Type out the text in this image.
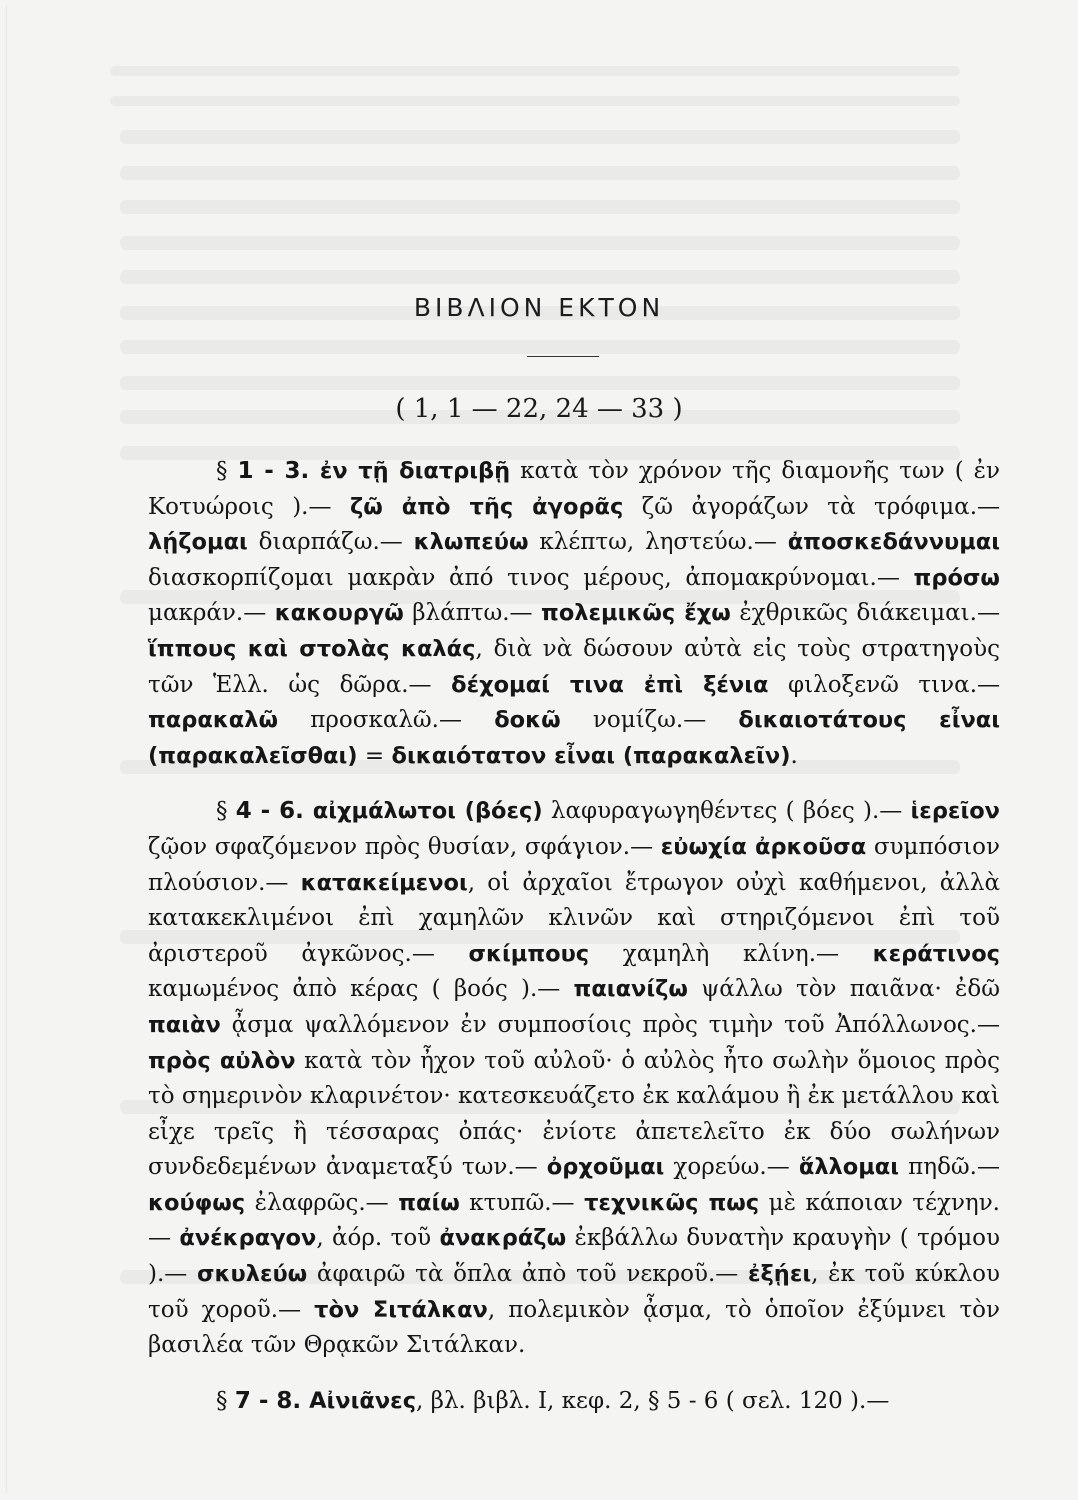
ΒΙΒΛΙΟΝ ΕΚΤΟΝ
( 1, 1 — 22, 24 — 33 )

§ 1 - 3. ἐν τῇ διατριβῇ κατὰ τὸν χρόνον τῆς διαμονῆς των ( ἐν Κοτυώροις ).— ζῶ ἀπὸ τῆς ἀγορᾶς ζῶ ἀγοράζων τὰ τρόφιμα.— λῄζομαι διαρπάζω.— κλωπεύω κλέπτω, ληστεύω.— ἀποσκεδάννυμαι διασκορπίζομαι μακρὰν ἀπό τινος μέρους, ἀπομακρύνομαι.— πρόσω μακράν.— κακουργῶ βλάπτω.— πολεμικῶς ἔχω ἐχθρικῶς διάκειμαι.— ἵππους καὶ στολὰς καλάς, διὰ νὰ δώσουν αὐτὰ εἰς τοὺς στρατηγοὺς τῶν Ἑλλ. ὡς δῶρα.— δέχομαί τινα ἐπὶ ξένια φιλοξενῶ τινα.— παρακαλῶ προσκαλῶ.— δοκῶ νομίζω.— δικαιοτάτους εἶναι (παρακαλεῖσθαι) = δικαιότατον εἶναι (παρακαλεῖν).

§ 4 - 6. αἰχμάλωτοι (βόες) λαφυραγωγηθέντες ( βόες ).— ἱερεῖον ζῷον σφαζόμενον πρὸς θυσίαν, σφάγιον.— εὐωχία ἀρκοῦσα συμπόσιον πλούσιον.— κατακείμενοι, οἱ ἀρχαῖοι ἔτρωγον οὐχὶ καθήμενοι, ἀλλὰ κατακεκλιμένοι ἐπὶ χαμηλῶν κλινῶν καὶ στηριζόμενοι ἐπὶ τοῦ ἀριστεροῦ ἀγκῶνος.— σκίμπους χαμηλὴ κλίνη.— κεράτινος καμωμένος ἀπὸ κέρας ( βοός ).— παιανίζω ψάλλω τὸν παιᾶνα· ἐδῶ παιὰν ᾆσμα ψαλλόμενον ἐν συμποσίοις πρὸς τιμὴν τοῦ Ἀπόλλωνος.— πρὸς αὐλὸν κατὰ τὸν ἦχον τοῦ αὐλοῦ· ὁ αὐλὸς ἦτο σωλὴν ὅμοιος πρὸς τὸ σημερινὸν κλαρινέτον· κατεσκευάζετο ἐκ καλάμου ἢ ἐκ μετάλλου καὶ εἶχε τρεῖς ἢ τέσσαρας ὀπάς· ἐνίοτε ἀπετελεῖτο ἐκ δύο σωλήνων συνδεδεμένων ἀναμεταξύ των.— ὀρχοῦμαι χορεύω.— ἅλλομαι πηδῶ.— κούφως ἐλαφρῶς.— παίω κτυπῶ.— τεχνικῶς πως μὲ κάποιαν τέχνην.— ἀνέκραγον, ἀόρ. τοῦ ἀνακράζω ἐκβάλλω δυνατὴν κραυγὴν ( τρόμου ).— σκυλεύω ἀφαιρῶ τὰ ὅπλα ἀπὸ τοῦ νεκροῦ.— ἐξῄει, ἐκ τοῦ κύκλου τοῦ χοροῦ.— τὸν Σιτάλκαν, πολεμικὸν ᾆσμα, τὸ ὁποῖον ἐξύμνει τὸν βασιλέα τῶν Θρᾳκῶν Σιτάλκαν.

§ 7 - 8. Αἰνιᾶνες, βλ. βιβλ. I, κεφ. 2, § 5 - 6 ( σελ. 120 ).—
